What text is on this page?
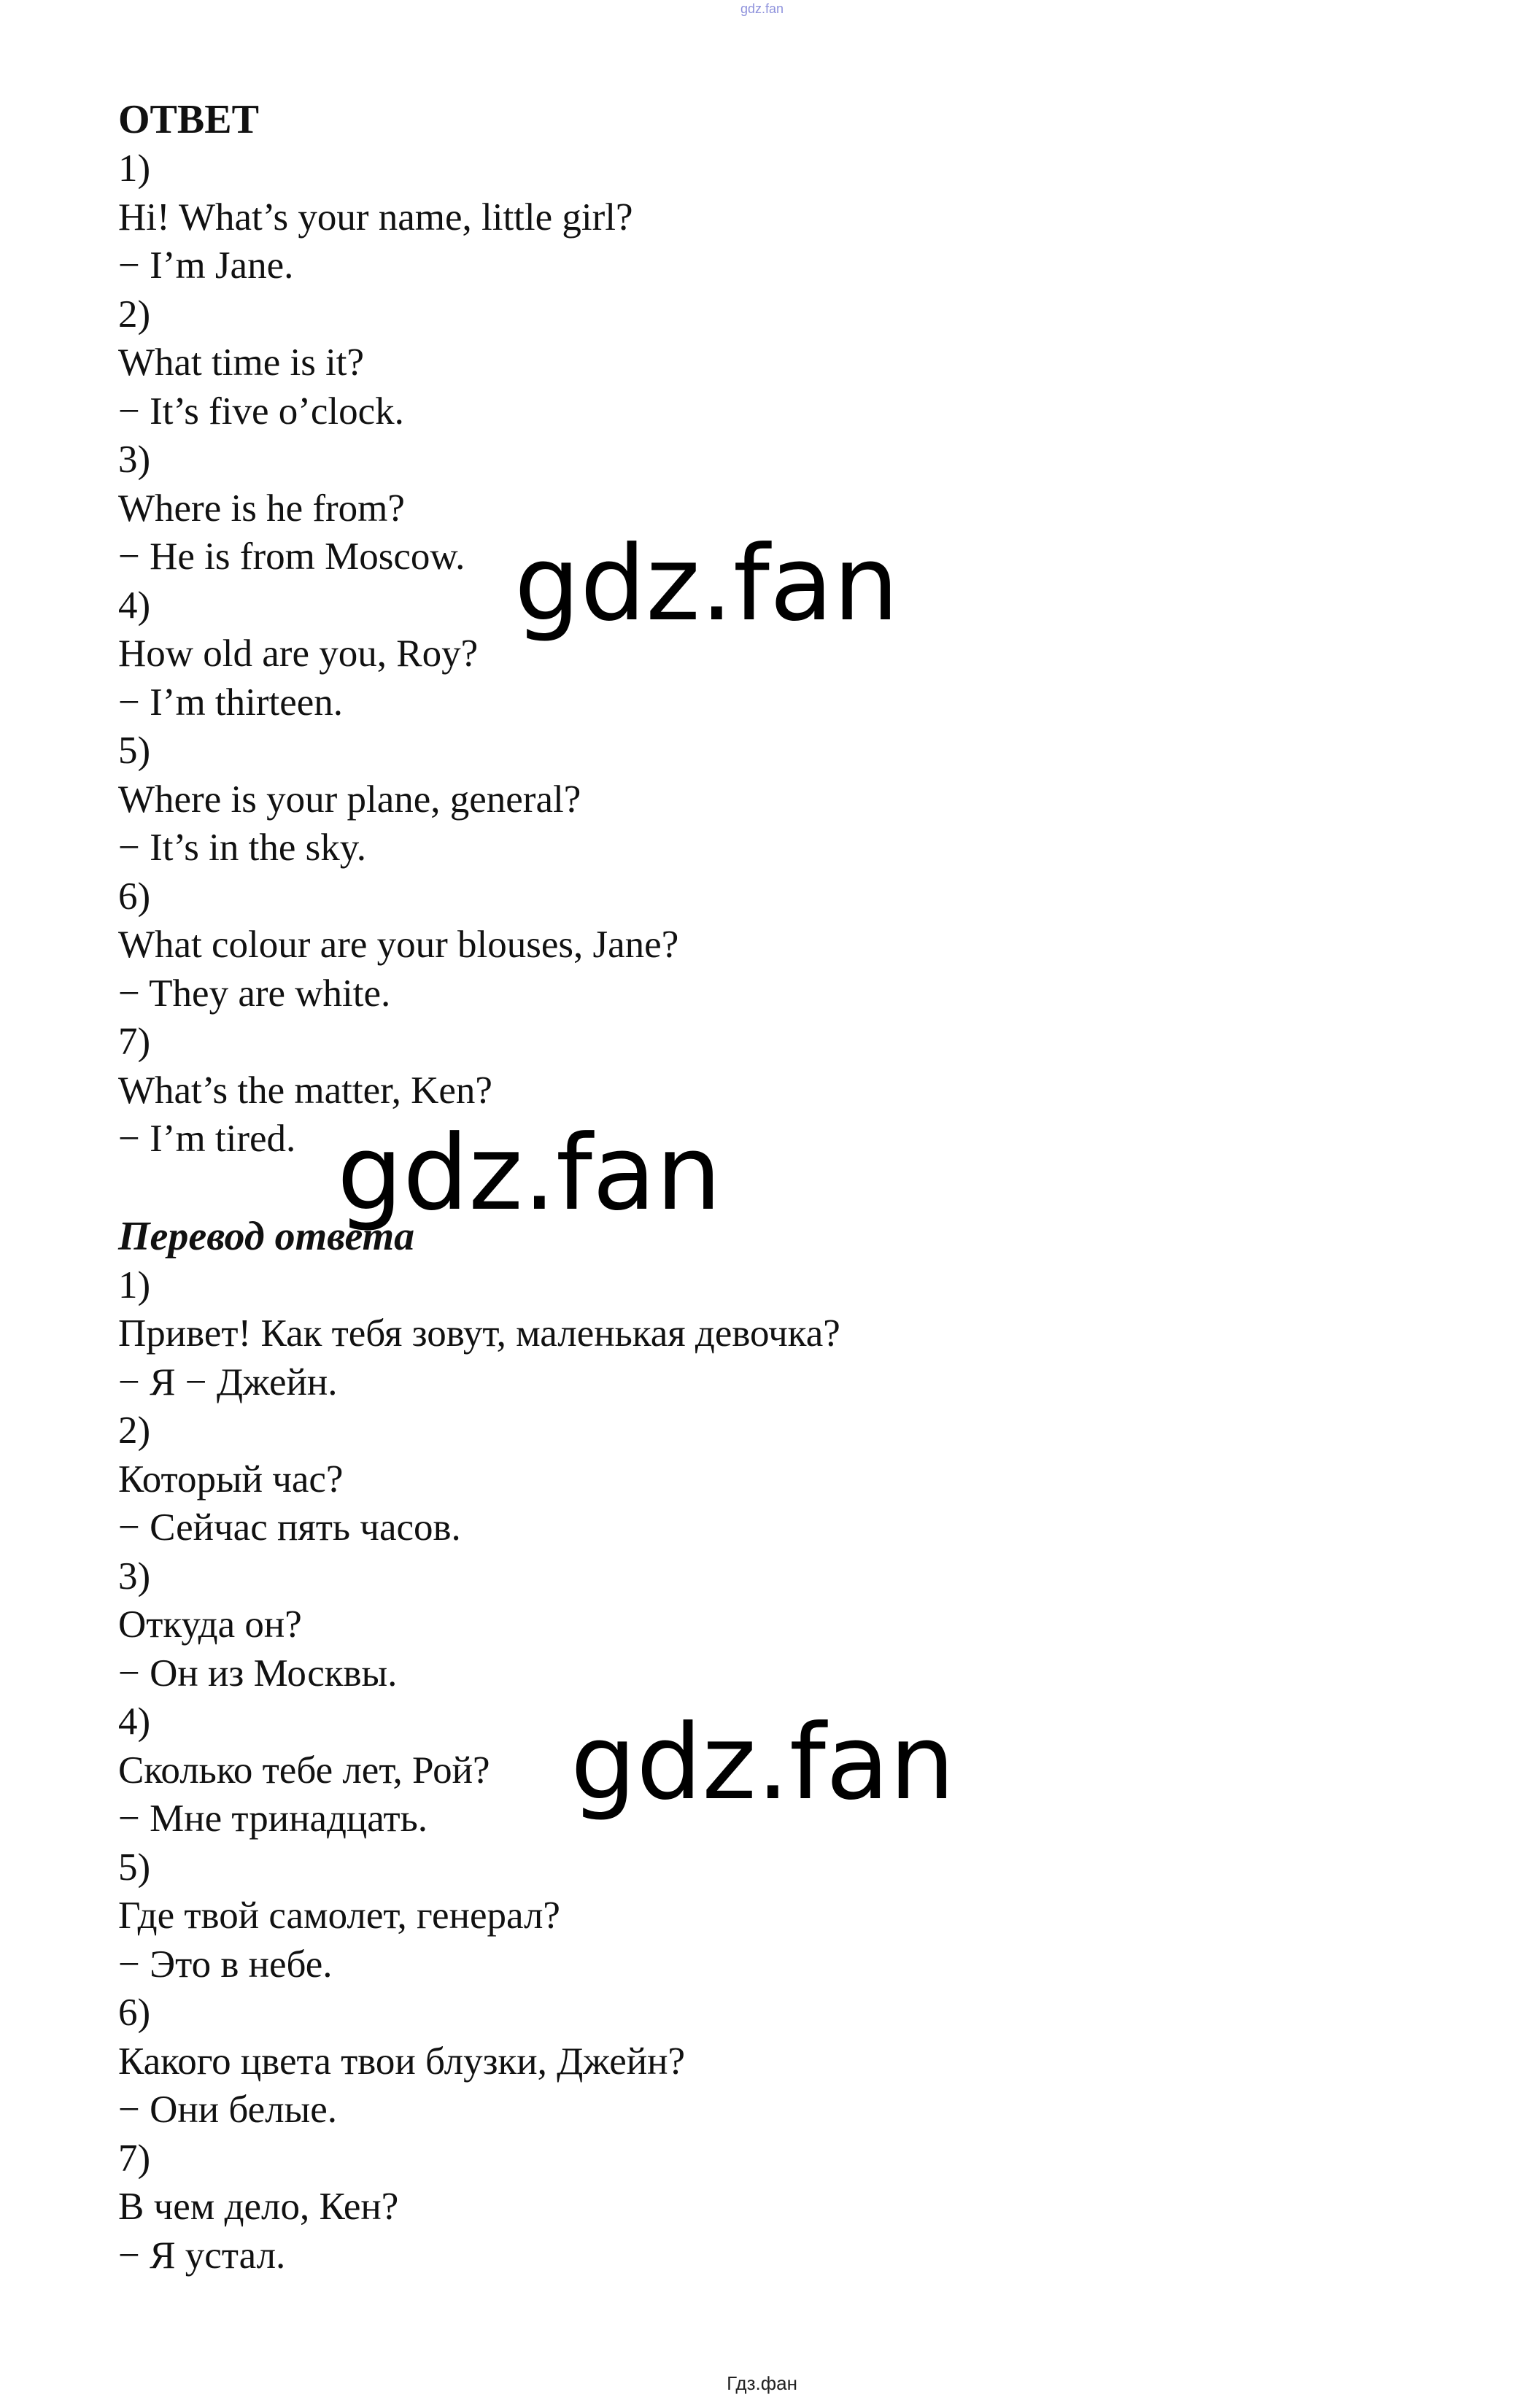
gdz.fan
ОТВЕТ
1)
Hi! What’s your name, little girl?
− I’m Jane.
2)
What time is it?
− It’s five o’clock.
3)
Where is he from?
− He is from Moscow.
4)
How old are you, Roy?
− I’m thirteen.
5)
Where is your plane, general?
− It’s in the sky.
6)
What colour are your blouses, Jane?
− They are white.
7)
What’s the matter, Ken?
− I’m tired.
Перевод ответа
1)
Привет! Как тебя зовут, маленькая девочка?
− Я − Джейн.
2)
Который час?
− Сейчас пять часов.
3)
Откуда он?
− Он из Москвы.
4)
Сколько тебе лет, Рой?
− Мне тринадцать.
5)
Где твой самолет, генерал?
− Это в небе.
6)
Какого цвета твои блузки, Джейн?
− Они белые.
7)
В чем дело, Кен?
− Я устал.
gdz.fan
gdz.fan
gdz.fan
Гдз.фан
